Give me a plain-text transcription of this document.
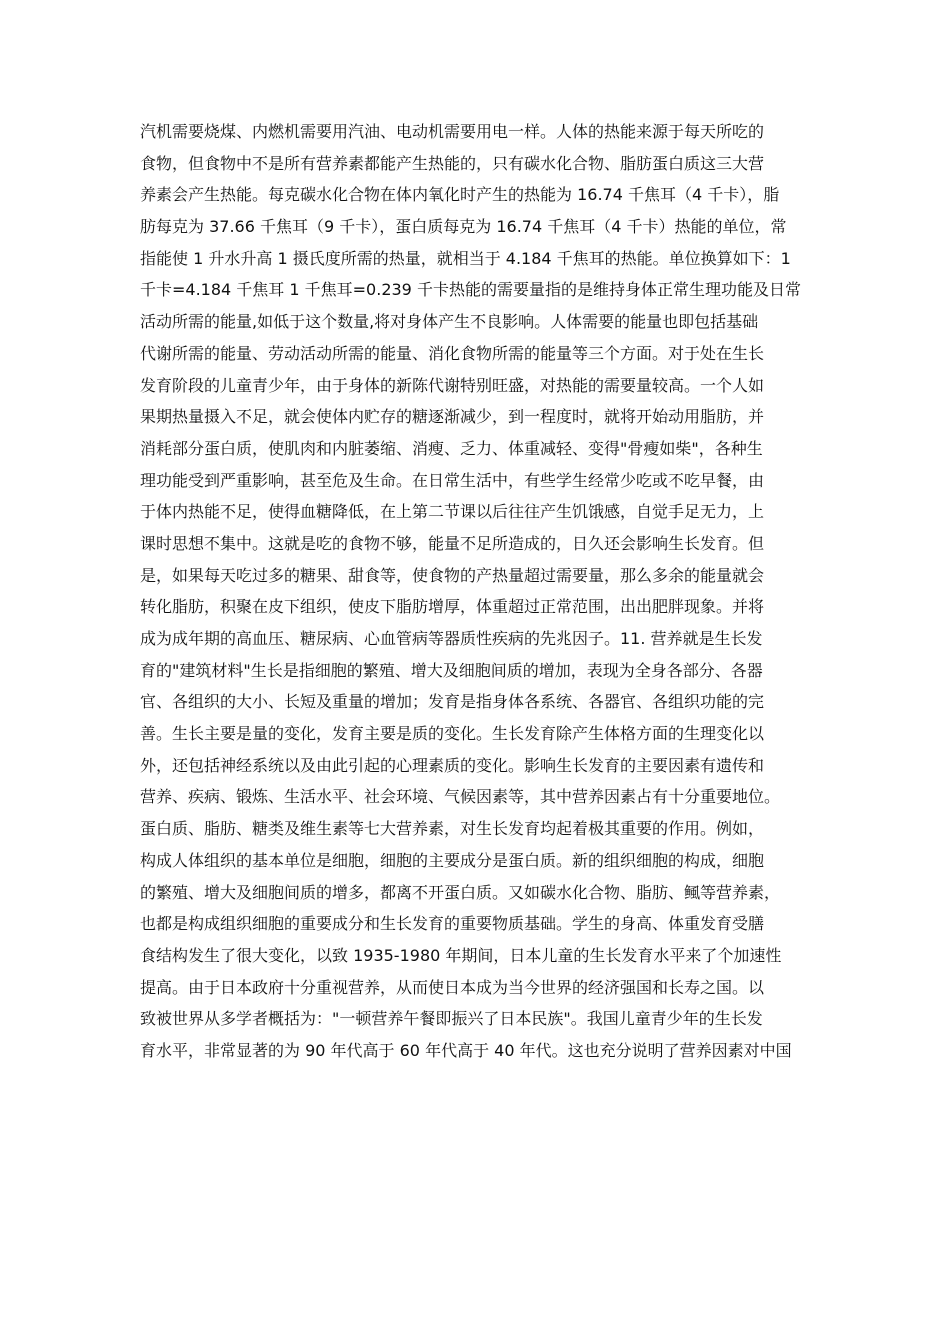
汽机需要烧煤、内燃机需要用汽油、电动机需要用电一样。人体的热能来源于每天所吃的
食物，但食物中不是所有营养素都能产生热能的，只有碳水化合物、脂肪蛋白质这三大营
养素会产生热能。每克碳水化合物在体内氧化时产生的热能为 16.74 千焦耳（4 千卡），脂
肪每克为 37.66 千焦耳（9 千卡），蛋白质每克为 16.74 千焦耳（4 千卡）热能的单位，常
指能使 1 升水升高 1 摄氏度所需的热量，就相当于 4.184 千焦耳的热能。单位换算如下：1
千卡=4.184 千焦耳 1 千焦耳=0.239 千卡热能的需要量指的是维持身体正常生理功能及日常
活动所需的能量,如低于这个数量,将对身体产生不良影响。人体需要的能量也即包括基础
代谢所需的能量、劳动活动所需的能量、消化食物所需的能量等三个方面。对于处在生长
发育阶段的儿童青少年，由于身体的新陈代谢特别旺盛，对热能的需要量较高。一个人如
果期热量摄入不足，就会使体内贮存的糖逐渐减少，到一程度时，就将开始动用脂肪，并
消耗部分蛋白质，使肌肉和内脏萎缩、消瘦、乏力、体重减轻、变得"骨瘦如柴"，各种生
理功能受到严重影响，甚至危及生命。在日常生活中，有些学生经常少吃或不吃早餐，由
于体内热能不足，使得血糖降低，在上第二节课以后往往产生饥饿感，自觉手足无力，上
课时思想不集中。这就是吃的食物不够，能量不足所造成的，日久还会影响生长发育。但
是，如果每天吃过多的糖果、甜食等，使食物的产热量超过需要量，那么多余的能量就会
转化脂肪，积聚在皮下组织，使皮下脂肪增厚，体重超过正常范围，出出肥胖现象。并将
成为成年期的高血压、糖尿病、心血管病等器质性疾病的先兆因子。11. 营养就是生长发
育的"建筑材料"生长是指细胞的繁殖、增大及细胞间质的增加，表现为全身各部分、各器
官、各组织的大小、长短及重量的增加；发育是指身体各系统、各器官、各组织功能的完
善。生长主要是量的变化，发育主要是质的变化。生长发育除产生体格方面的生理变化以
外，还包括神经系统以及由此引起的心理素质的变化。影响生长发育的主要因素有遗传和
营养、疾病、锻炼、生活水平、社会环境、气候因素等，其中营养因素占有十分重要地位。
蛋白质、脂肪、糖类及维生素等七大营养素，对生长发育均起着极其重要的作用。例如，
构成人体组织的基本单位是细胞，细胞的主要成分是蛋白质。新的组织细胞的构成，细胞
的繁殖、增大及细胞间质的增多，都离不开蛋白质。又如碳水化合物、脂肪、鲺等营养素，
也都是构成组织细胞的重要成分和生长发育的重要物质基础。学生的身高、体重发育受膳
食结构发生了很大变化，以致 1935-1980 年期间，日本儿童的生长发育水平来了个加速性
提高。由于日本政府十分重视营养，从而使日本成为当今世界的经济强国和长寿之国。以
致被世界从多学者概括为："一顿营养午餐即振兴了日本民族"。我国儿童青少年的生长发
育水平，非常显著的为 90 年代高于 60 年代高于 40 年代。这也充分说明了营养因素对中国
